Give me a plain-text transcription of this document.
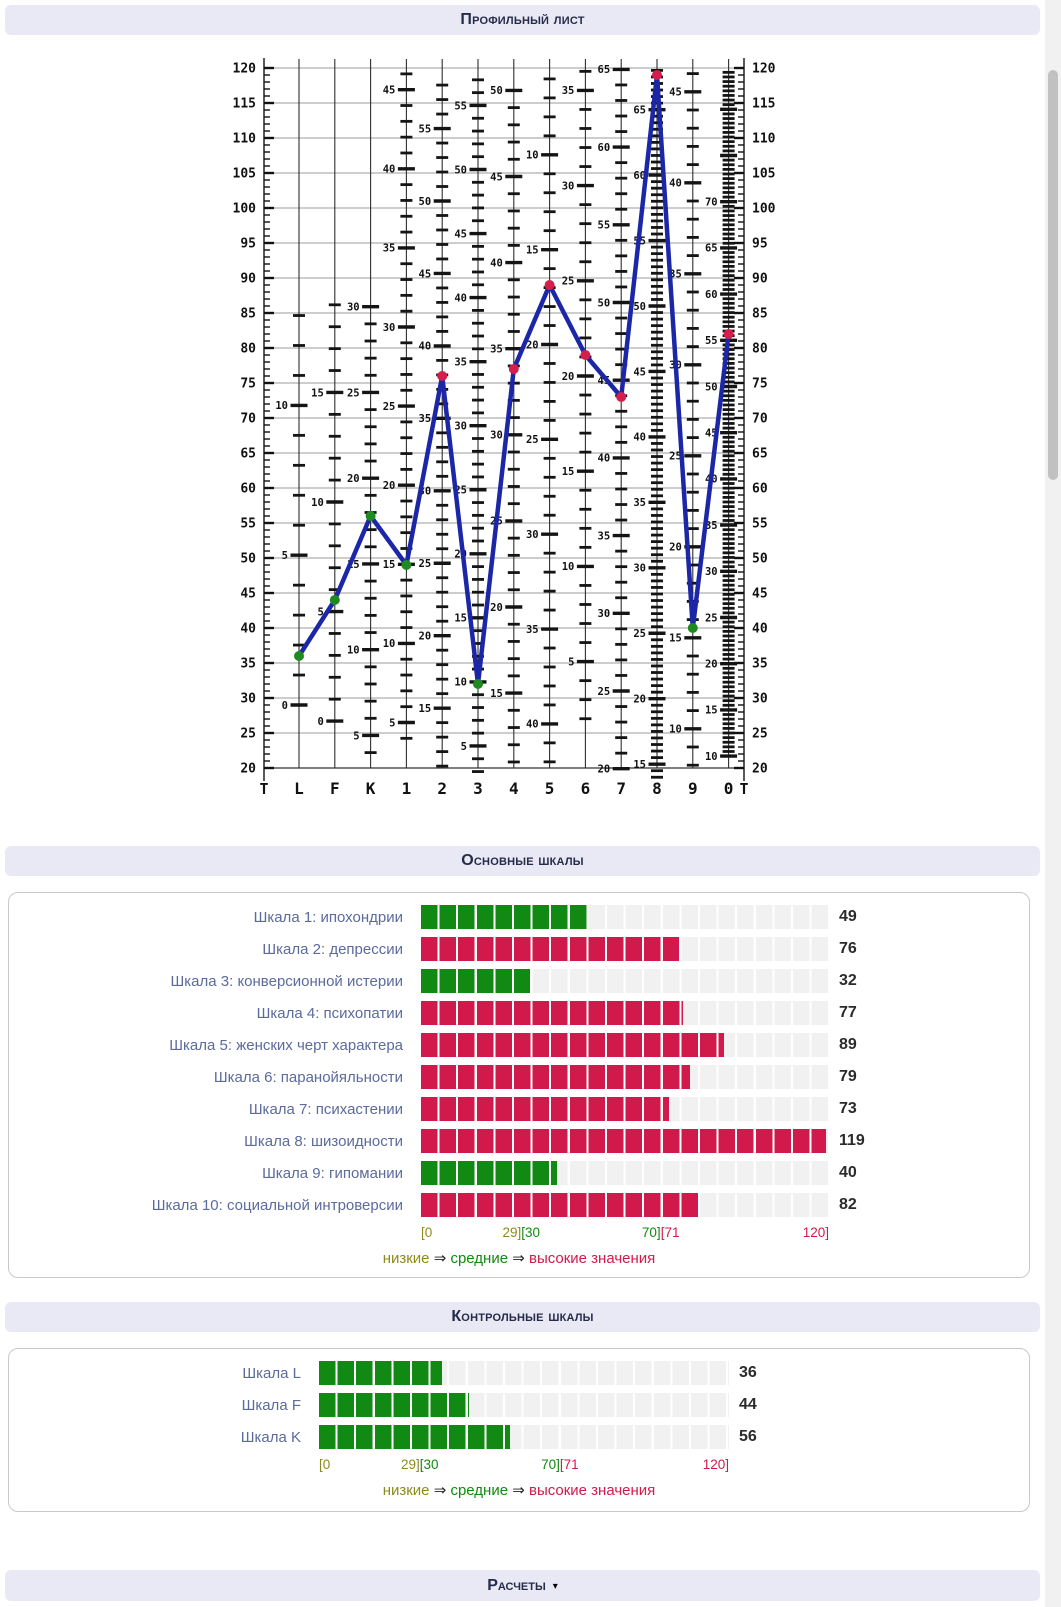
Профильный лист
20	20
25	25
30	30
35	35
40	40
45	45
50	50
55	55
60	60
65	65
70	70
75	75
80	80
85	85
90	90
95	95
100	100
105	105
110	110
115	115
120	120
0
5
10
0
5
10
15
5
10
15
20
25
30
5
10
15
20
25
30
35
40
45
15
20
25
30
35
40
45
50
55
5
10
15
20
25
30
35
40
45
50
55
15
20
25
30
35
40
45
50
10
15
20
25
30
35
40
5
10
15
20
25
30
35
20
25
30
35
40
45
50
55
60
65
15
20
25
30
35
40
45
50
55
60
65
10
15
20
25
30
35
40
45
10
15
20
25
30
35
40
45
50
55
60
65
70
T	T
L F K 1 2 3 4 5 6 7 8 9 0
Основные шкалы
Шкала 1: ипохондрии	49
Шкала 2: депрессии	76
Шкала 3: конверсионной истерии	32
Шкала 4: психопатии	77
Шкала 5: женских черт характера	89
Шкала 6: паранойяльности	79
Шкала 7: психастении	73
Шкала 8: шизоидности	119
Шкала 9: гипомании	40
Шкала 10: социальной интроверсии	82
[0	29][30	70][71	120]
низкие ⇒ средние ⇒ высокие значения
Контрольные шкалы
Шкала L	36
Шкала F	44
Шкала K	56
[0	29][30	70][71	120]
низкие ⇒ средние ⇒ высокие значения
Расчеты ▾
